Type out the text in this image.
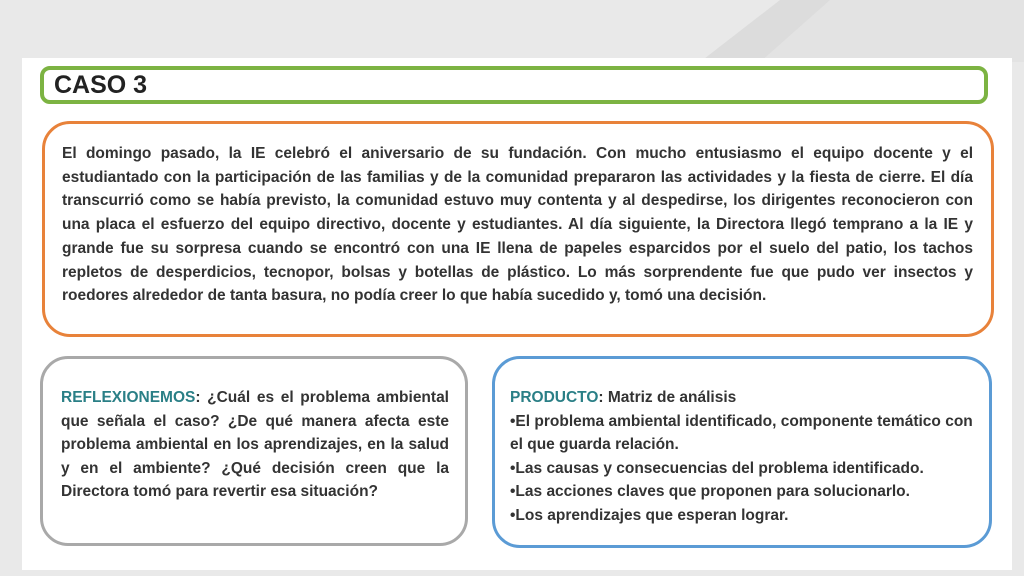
CASO 3

El domingo pasado, la IE celebró el aniversario de su fundación. Con mucho entusiasmo el equipo docente y el estudiantado con la participación de las familias y de la comunidad prepararon las actividades y la fiesta de cierre. El día transcurrió como se había previsto, la comunidad estuvo muy contenta y al despedirse, los dirigentes reconocieron con una placa el esfuerzo del equipo directivo, docente y estudiantes. Al día siguiente, la Directora llegó temprano a la IE y grande fue su sorpresa cuando se encontró con una IE llena de papeles esparcidos por el suelo del patio, los tachos repletos de desperdicios, tecnopor, bolsas y botellas de plástico. Lo más sorprendente fue que pudo ver insectos y roedores alrededor de tanta basura, no podía creer lo que había sucedido y, tomó una decisión.

REFLEXIONEMOS: ¿Cuál es el problema ambiental que señala el caso? ¿De qué manera afecta este problema ambiental en los aprendizajes, en la salud y en el ambiente? ¿Qué decisión creen que la Directora tomó para revertir esa situación?

PRODUCTO: Matriz de análisis

•El problema ambiental identificado, componente temático con el que guarda relación.
•Las causas y consecuencias del problema identificado.
•Las acciones claves que proponen para solucionarlo.
•Los aprendizajes que esperan lograr.
